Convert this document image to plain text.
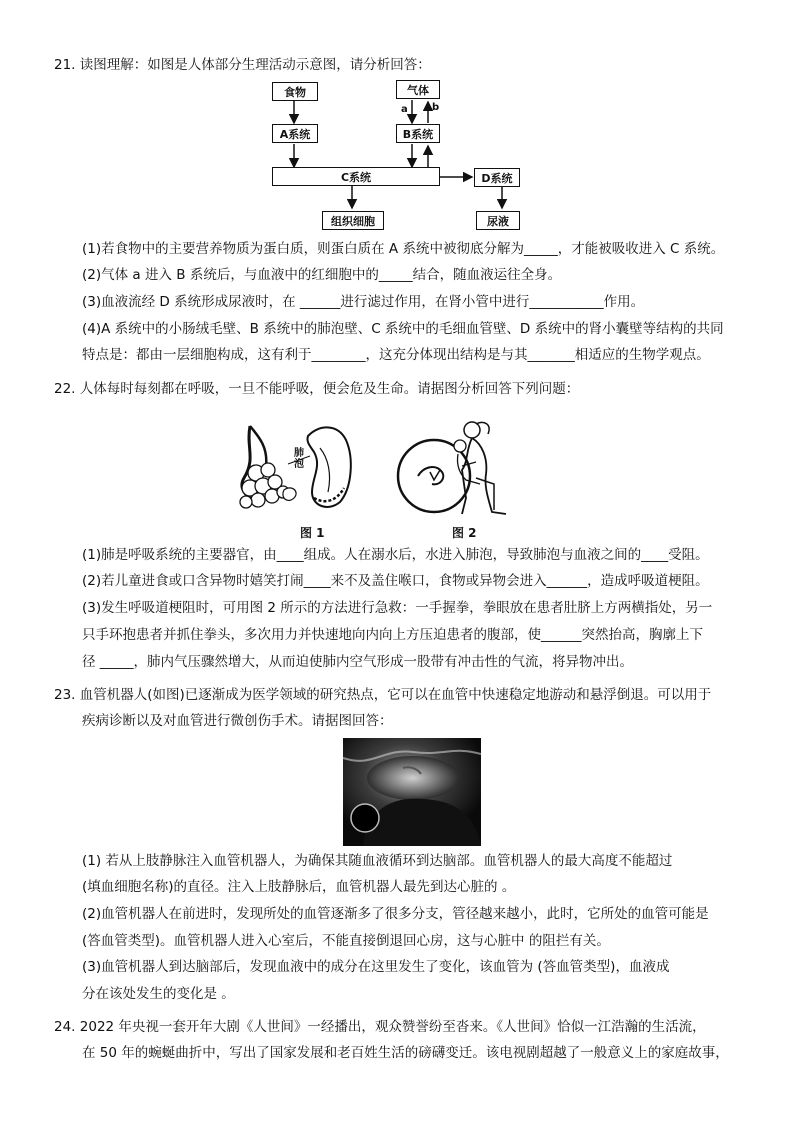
21. 读图理解：如图是人体部分生理活动示意图，请分析回答：
食物	气体
A系统	B系统
C系统	D系统
组织细胞	尿液
a b
(1)若食物中的主要营养物质为蛋白质，则蛋白质在 A 系统中被彻底分解为_____，才能被吸收进入 C 系统。
(2)气体 a 进入 B 系统后，与血液中的红细胞中的_____结合，随血液运往全身。
(3)血液流经 D 系统形成尿液时，在 ______进行滤过作用，在肾小管中进行___________作用。
(4)A 系统中的小肠绒毛壁、B 系统中的肺泡壁、C 系统中的毛细血管壁、D 系统中的肾小囊壁等结构的共同
特点是：都由一层细胞构成，这有利于________，这充分体现出结构是与其_______相适应的生物学观点。
22. 人体每时每刻都在呼吸，一旦不能呼吸，便会危及生命。请据图分析回答下列问题：
肺泡
图 1	图 2
(1)肺是呼吸系统的主要器官，由____组成。人在溺水后，水进入肺泡，导致肺泡与血液之间的____受阻。
(2)若儿童进食或口含异物时嬉笑打闹____来不及盖住喉口，食物或异物会进入______，造成呼吸道梗阻。
(3)发生呼吸道梗阻时，可用图 2 所示的方法进行急救：一手握拳，拳眼放在患者肚脐上方两横指处，另一
只手环抱患者并抓住拳头，多次用力并快速地向内向上方压迫患者的腹部，使______突然抬高，胸廓上下
径 _____，肺内气压骤然增大，从而迫使肺内空气形成一股带有冲击性的气流，将异物冲出。
23. 血管机器人(如图)已逐渐成为医学领域的研究热点，它可以在血管中快速稳定地游动和悬浮倒退。可以用于
疾病诊断以及对血管进行微创伤手术。请据图回答：
(1) 若从上肢静脉注入血管机器人，为确保其随血液循环到达脑部。血管机器人的最大高度不能超过
(填血细胞名称)的直径。注入上肢静脉后，血管机器人最先到达心脏的 。
(2)血管机器人在前进时，发现所处的血管逐渐多了很多分支，管径越来越小，此时，它所处的血管可能是
(答血管类型)。血管机器人进入心室后，不能直接倒退回心房，这与心脏中 的阻拦有关。
(3)血管机器人到达脑部后，发现血液中的成分在这里发生了变化，该血管为 (答血管类型)，血液成
分在该处发生的变化是 。
24. 2022 年央视一套开年大剧《人世间》一经播出，观众赞誉纷至沓来。《人世间》恰似一江浩瀚的生活流，
在 50 年的蜿蜒曲折中，写出了国家发展和老百姓生活的磅礴变迁。该电视剧超越了一般意义上的家庭故事，
